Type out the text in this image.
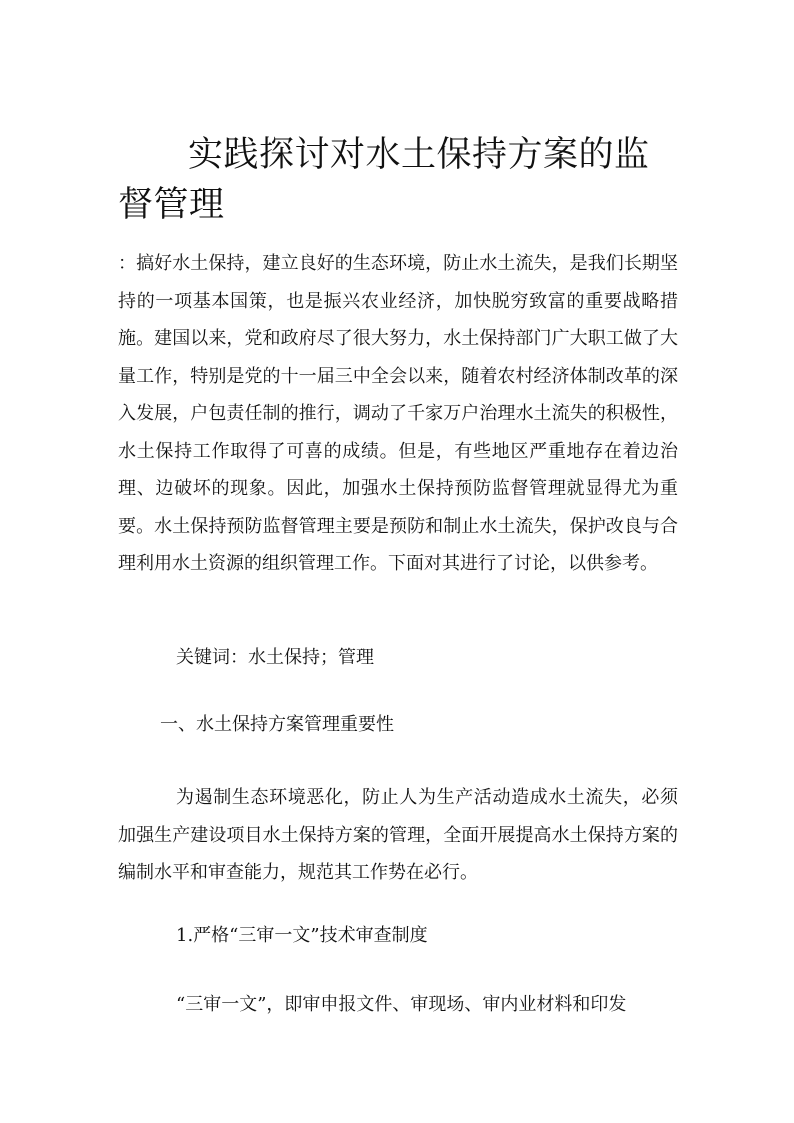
实践探讨对水土保持方案的监督管理

：搞好水土保持，建立良好的生态环境，防止水土流失，是我们长期坚持的一项基本国策，也是振兴农业经济，加快脱穷致富的重要战略措施。建国以来，党和政府尽了很大努力，水土保持部门广大职工做了大量工作，特别是党的十一届三中全会以来，随着农村经济体制改革的深入发展，户包责任制的推行，调动了千家万户治理水土流失的积极性，水土保持工作取得了可喜的成绩。但是，有些地区严重地存在着边治理、边破坏的现象。因此，加强水土保持预防监督管理就显得尤为重要。水土保持预防监督管理主要是预防和制止水土流失，保护改良与合理利用水土资源的组织管理工作。下面对其进行了讨论，以供参考。

关键词：水土保持；管理

一、水土保持方案管理重要性

为遏制生态环境恶化，防止人为生产活动造成水土流失，必须加强生产建设项目水土保持方案的管理，全面开展提高水土保持方案的编制水平和审查能力，规范其工作势在必行。

1.严格“三审一文”技术审查制度

“三审一文”，即审申报文件、审现场、审内业材料和印发
